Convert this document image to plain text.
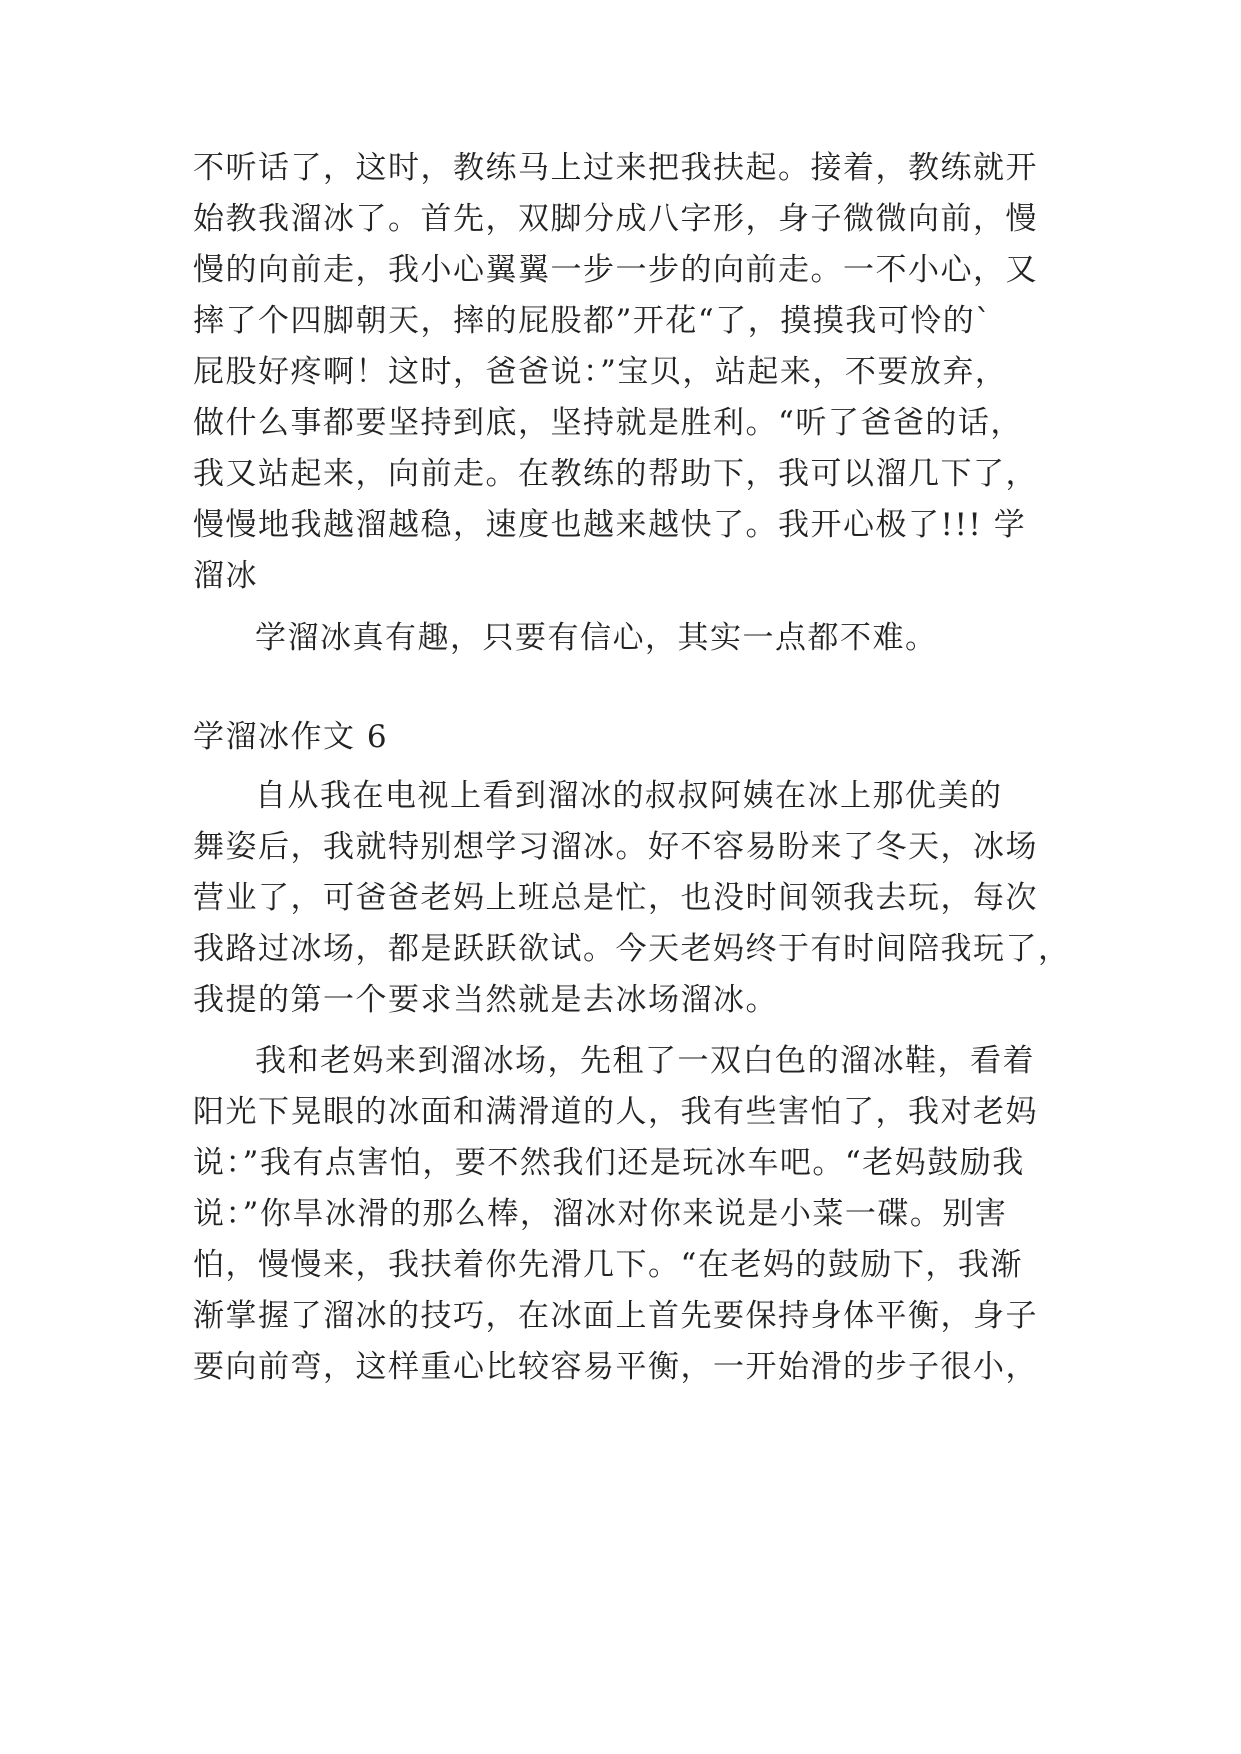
不听话了，这时，教练马上过来把我扶起。接着，教练就开
始教我溜冰了。首先，双脚分成八字形，身子微微向前，慢
慢的向前走，我小心翼翼一步一步的向前走。一不小心，又
摔了个四脚朝天，摔的屁股都”开花“了，摸摸我可怜的`
屁股好疼啊！这时，爸爸说：”宝贝，站起来，不要放弃，
做什么事都要坚持到底，坚持就是胜利。“听了爸爸的话，
我又站起来，向前走。在教练的帮助下，我可以溜几下了，
慢慢地我越溜越稳，速度也越来越快了。我开心极了!!! 学
溜冰
学溜冰真有趣，只要有信心，其实一点都不难。
学溜冰作文 6
自从我在电视上看到溜冰的叔叔阿姨在冰上那优美的
舞姿后，我就特别想学习溜冰。好不容易盼来了冬天，冰场
营业了，可爸爸老妈上班总是忙，也没时间领我去玩，每次
我路过冰场，都是跃跃欲试。今天老妈终于有时间陪我玩了，
我提的第一个要求当然就是去冰场溜冰。
我和老妈来到溜冰场，先租了一双白色的溜冰鞋，看着
阳光下晃眼的冰面和满滑道的人，我有些害怕了，我对老妈
说：”我有点害怕，要不然我们还是玩冰车吧。“老妈鼓励我
说：”你旱冰滑的那么棒，溜冰对你来说是小菜一碟。别害
怕，慢慢来，我扶着你先滑几下。“在老妈的鼓励下，我渐
渐掌握了溜冰的技巧，在冰面上首先要保持身体平衡，身子
要向前弯，这样重心比较容易平衡，一开始滑的步子很小，
